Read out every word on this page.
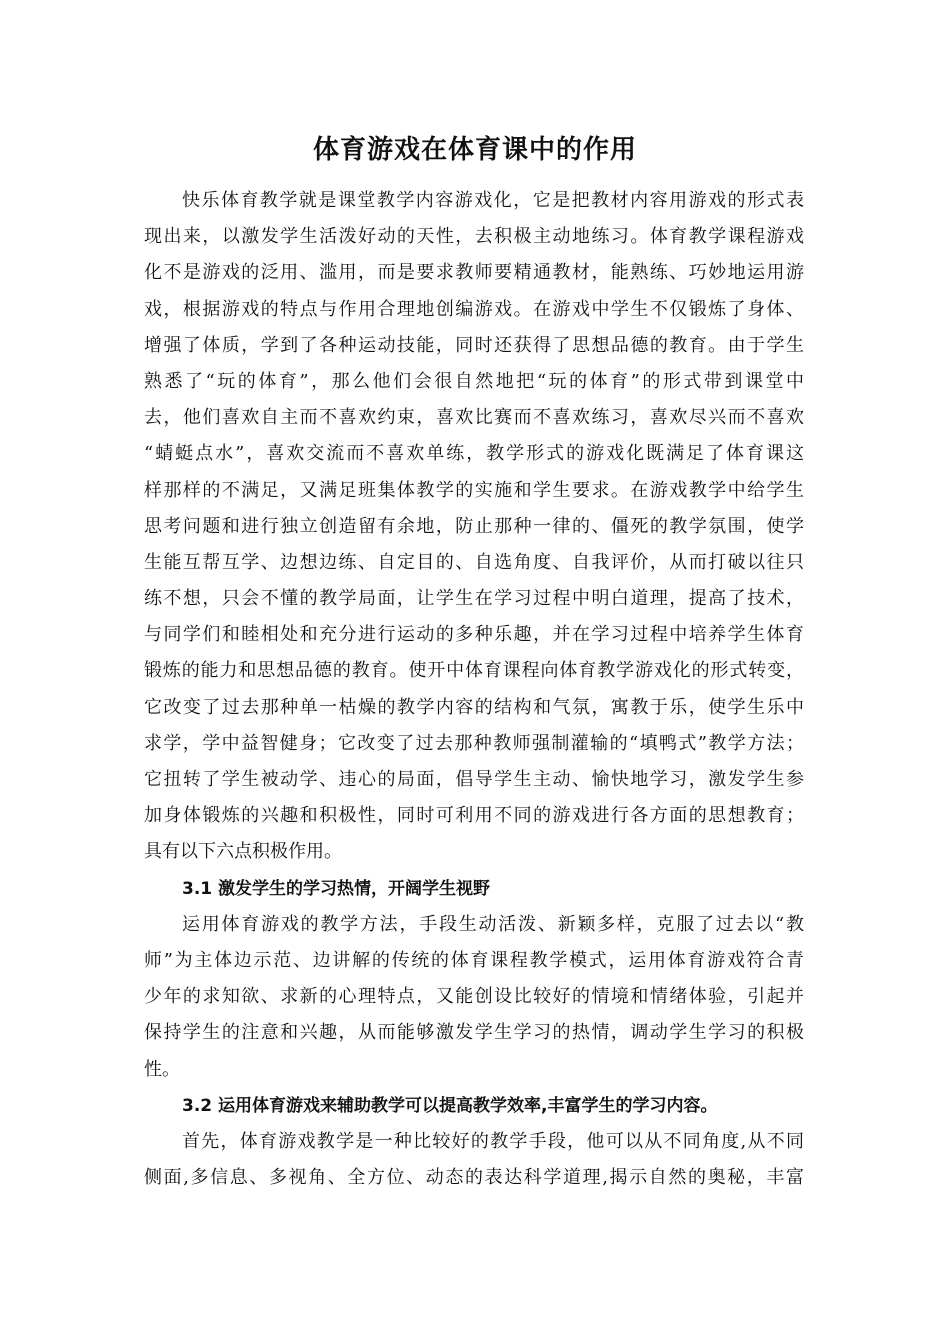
体育游戏在体育课中的作用
快乐体育教学就是课堂教学内容游戏化，它是把教材内容用游戏的形式表
现出来，以激发学生活泼好动的天性，去积极主动地练习。体育教学课程游戏
化不是游戏的泛用、滥用，而是要求教师要精通教材，能熟练、巧妙地运用游
戏，根据游戏的特点与作用合理地创编游戏。在游戏中学生不仅锻炼了身体、
增强了体质，学到了各种运动技能，同时还获得了思想品德的教育。由于学生
熟悉了“玩的体育”，那么他们会很自然地把“玩的体育”的形式带到课堂中
去，他们喜欢自主而不喜欢约束，喜欢比赛而不喜欢练习，喜欢尽兴而不喜欢
“蜻蜓点水”，喜欢交流而不喜欢单练，教学形式的游戏化既满足了体育课这
样那样的不满足，又满足班集体教学的实施和学生要求。在游戏教学中给学生
思考问题和进行独立创造留有余地，防止那种一律的、僵死的教学氛围，使学
生能互帮互学、边想边练、自定目的、自选角度、自我评价，从而打破以往只
练不想，只会不懂的教学局面，让学生在学习过程中明白道理，提高了技术，
与同学们和睦相处和充分进行运动的多种乐趣，并在学习过程中培养学生体育
锻炼的能力和思想品德的教育。使开中体育课程向体育教学游戏化的形式转变，
它改变了过去那种单一枯燥的教学内容的结构和气氛，寓教于乐，使学生乐中
求学，学中益智健身；它改变了过去那种教师强制灌输的“填鸭式”教学方法；
它扭转了学生被动学、违心的局面，倡导学生主动、愉快地学习，激发学生参
加身体锻炼的兴趣和积极性，同时可利用不同的游戏进行各方面的思想教育；
具有以下六点积极作用。
3.1 激发学生的学习热情，开阔学生视野
运用体育游戏的教学方法，手段生动活泼、新颖多样，克服了过去以“教
师”为主体边示范、边讲解的传统的体育课程教学模式，运用体育游戏符合青
少年的求知欲、求新的心理特点，又能创设比较好的情境和情绪体验，引起并
保持学生的注意和兴趣，从而能够激发学生学习的热情，调动学生学习的积极
性。
3.2 运用体育游戏来辅助教学可以提高教学效率,丰富学生的学习内容。
首先，体育游戏教学是一种比较好的教学手段，他可以从不同角度,从不同
侧面,多信息、多视角、全方位、动态的表达科学道理,揭示自然的奥秘，丰富
